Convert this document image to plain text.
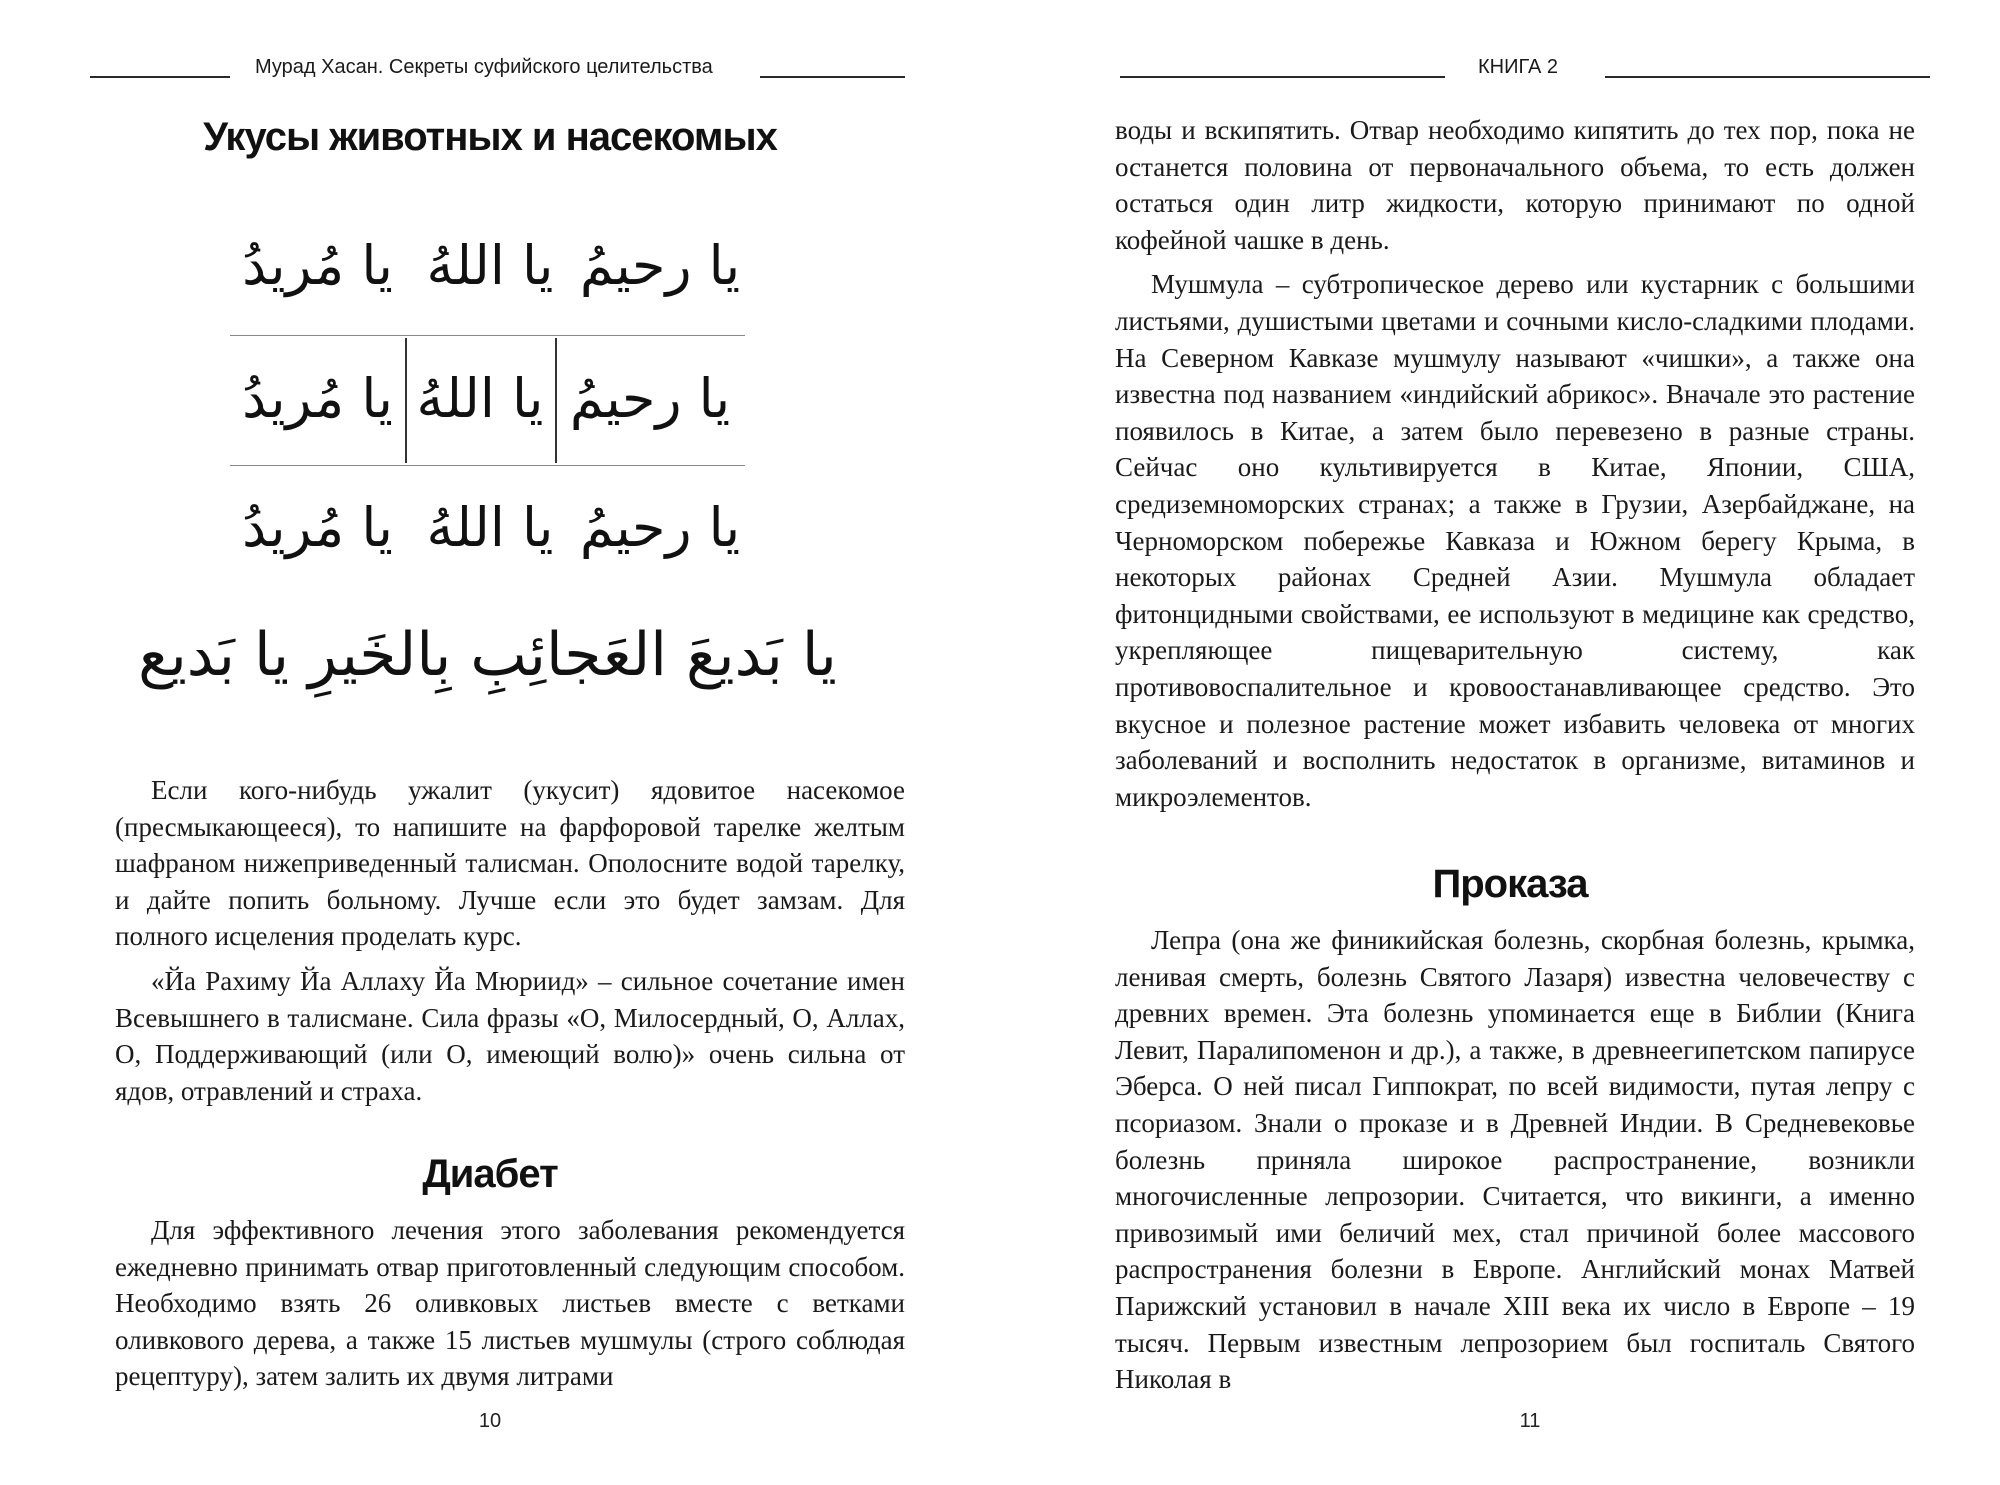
Мурад Хасан. Секреты суфийского целительства
Укусы животных и насекомых
يا رحيمُ
يا اللهُ
يا مُريدُ
يا رحيمُ
يا اللهُ
يا مُريدُ
يا رحيمُ
يا اللهُ
يا مُريدُ
يا بَديعَ العَجائِبِ بِالخَيرِ يا بَديع

Если кого-нибудь ужалит (укусит) ядовитое насекомое (пресмыкающееся), то напишите на фарфоровой тарелке желтым шафраном нижеприведенный талисман. Ополосните водой тарелку, и дайте попить больному. Лучше если это будет замзам. Для полного исцеления проделать курс.

«Йа Рахиму Йа Аллаху Йа Мюриид» – сильное сочетание имен Всевышнего в талисмане. Сила фразы «О, Милосердный, О, Аллах, О, Поддерживающий (или О, имеющий волю)» очень сильна от ядов, отравлений и страха.

Диабет

Для эффективного лечения этого заболевания рекомендуется ежедневно принимать отвар приготовленный следующим способом. Необходимо взять 26 оливковых листьев вместе с ветками оливкового дерева, а также 15 листьев мушмулы (строго соблюдая рецептуру), затем залить их двумя литрами

10
КНИГА 2

воды и вскипятить. Отвар необходимо кипятить до тех пор, пока не останется половина от первоначального объема, то есть должен остаться один литр жидкости, которую принимают по одной кофейной чашке в день.

Мушмула – субтропическое дерево или кустарник с большими листьями, душистыми цветами и сочными кисло-сладкими плодами. На Северном Кавказе мушмулу называют «чишки», а также она известна под названием «индийский абрикос». Вначале это растение появилось в Китае, а затем было перевезено в разные страны. Сейчас оно культивируется в Китае, Японии, США, средиземноморских странах; а также в Грузии, Азербайджане, на Черноморском побережье Кавказа и Южном берегу Крыма, в некоторых районах Средней Азии. Мушмула обладает фитонцидными свойствами, ее используют в медицине как средство, укрепляющее пищеварительную систему, как противовоспалительное и кровоостанавливающее средство. Это вкусное и полезное растение может избавить человека от многих заболеваний и восполнить недостаток в организме, витаминов и микроэлементов.

Проказа

Лепра (она же финикийская болезнь, скорбная болезнь, крымка, ленивая смерть, болезнь Святого Лазаря) известна человечеству с древних времен. Эта болезнь упоминается еще в Библии (Книга Левит, Паралипоменон и др.), а также, в древнеегипетском папирусе Эберса. О ней писал Гиппократ, по всей видимости, путая лепру с псориазом. Знали о проказе и в Древней Индии. В Средневековье болезнь приняла широкое распространение, возникли многочисленные лепрозории. Считается, что викинги, а именно привозимый ими беличий мех, стал причиной более массового распространения болезни в Европе. Английский монах Матвей Парижский установил в начале XIII века их число в Европе – 19 тысяч. Первым известным лепрозорием был госпиталь Святого Николая в

11
